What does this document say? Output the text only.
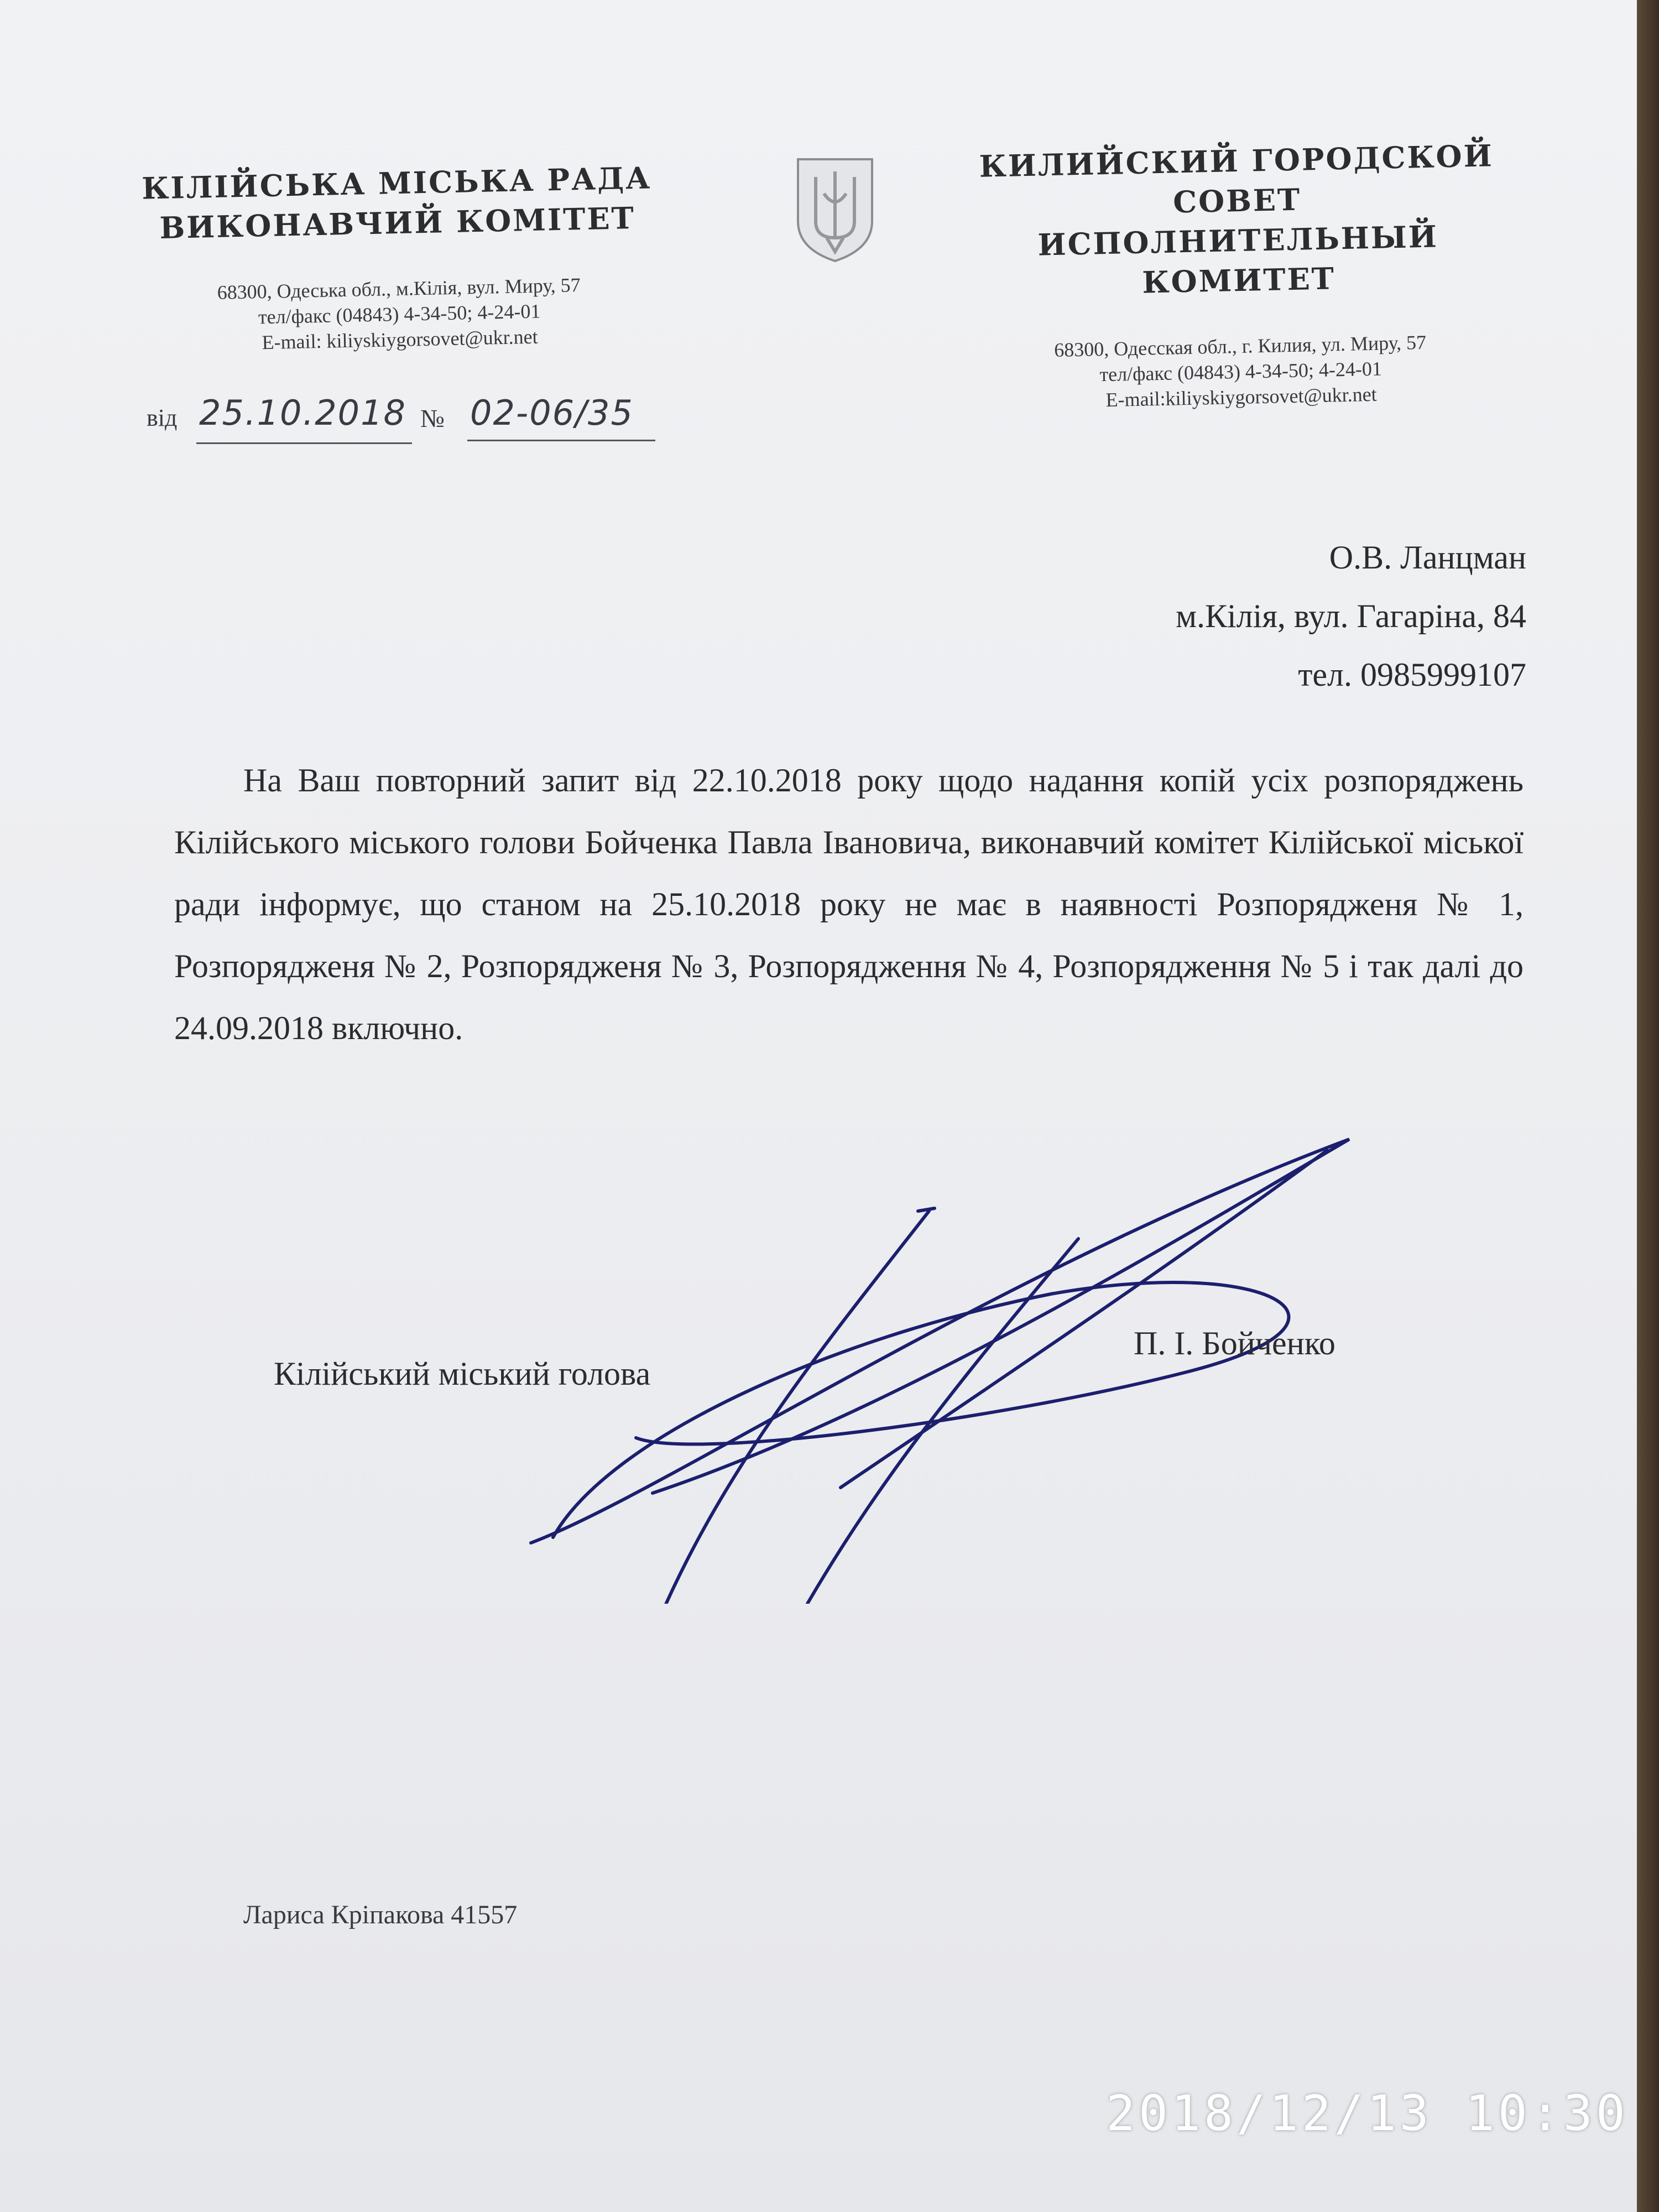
КІЛІЙСЬКА МІСЬКА РАДА
ВИКОНАВЧИЙ КОМІТЕТ
68300, Одеська обл., м.Кілія, вул. Миру, 57
тел/факс (04843) 4-34-50; 4-24-01
E-mail: kiliyskiygorsovet@ukr.net
КИЛИЙСКИЙ ГОРОДСКОЙ СОВЕТ
ИСПОЛНИТЕЛЬНЫЙ КОМИТЕТ
68300, Одесская обл., г. Килия, ул. Миру, 57
тел/факс (04843) 4-34-50; 4-24-01
E-mail:kiliyskiygorsovet@ukr.net
від 25.10.2018 № 02-06/35
О.В. Ланцман
м.Кілія, вул. Гагаріна, 84
тел. 0985999107
На Ваш повторний запит від 22.10.2018 року щодо надання копій усіх розпоряджень Кілійського міського голови Бойченка Павла Івановича, виконавчий комітет Кілійської міської ради інформує, що станом на 25.10.2018 року не має в наявності Розпорядженя № 1, Розпорядженя № 2, Розпорядженя № 3, Розпорядження № 4, Розпорядження № 5 і так далі до 24.09.2018 включно.
Кілійський міський голова
П. І. Бойченко
Лариса Кріпакова 41557
2018/12/13 10:30
